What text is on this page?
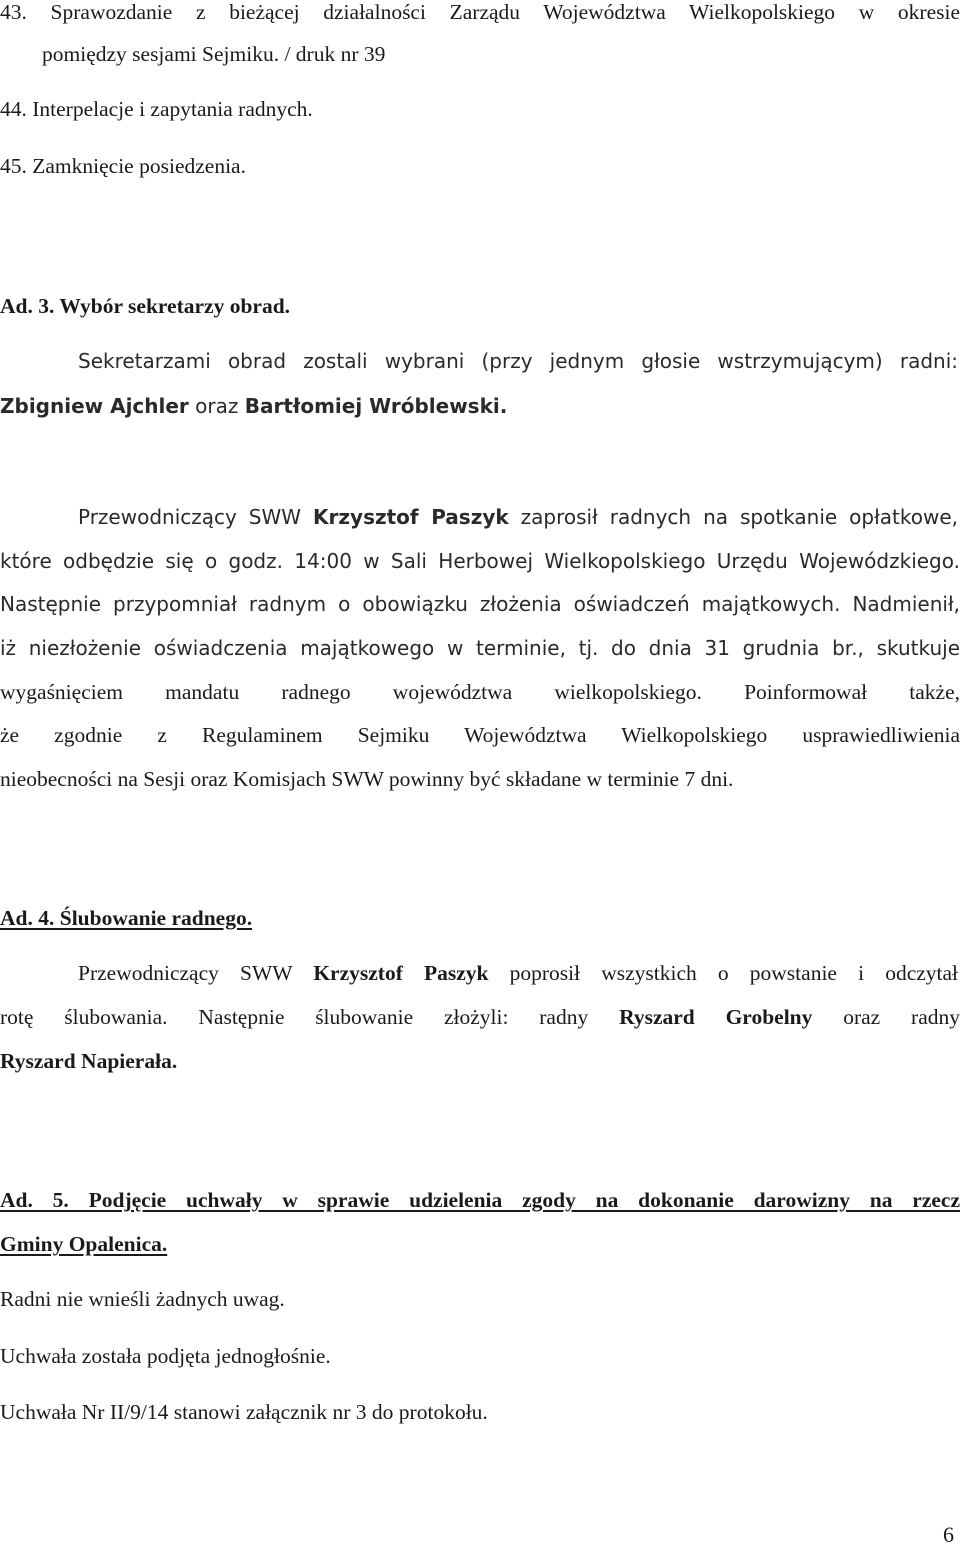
43. Sprawozdanie z bieżącej działalności Zarządu Województwa Wielkopolskiego w okresie
pomiędzy sesjami Sejmiku. / druk nr 39
44. Interpelacje i zapytania radnych.
45. Zamknięcie posiedzenia.
Ad. 3. Wybór sekretarzy obrad.
Sekretarzami obrad zostali wybrani (przy jednym głosie wstrzymującym) radni:
Zbigniew Ajchler oraz Bartłomiej Wróblewski.
Przewodniczący SWW Krzysztof Paszyk zaprosił radnych na spotkanie opłatkowe,
które odbędzie się o godz. 14:00 w Sali Herbowej Wielkopolskiego Urzędu Wojewódzkiego.
Następnie przypomniał radnym o obowiązku złożenia oświadczeń majątkowych. Nadmienił,
iż niezłożenie oświadczenia majątkowego w terminie, tj. do dnia 31 grudnia br., skutkuje
wygaśnięciem mandatu radnego województwa wielkopolskiego. Poinformował także,
że zgodnie z Regulaminem Sejmiku Województwa Wielkopolskiego usprawiedliwienia
nieobecności na Sesji oraz Komisjach SWW powinny być składane w terminie 7 dni.
Ad. 4. Ślubowanie radnego.
Przewodniczący SWW Krzysztof Paszyk poprosił wszystkich o powstanie i odczytał
rotę ślubowania. Następnie ślubowanie złożyli: radny Ryszard Grobelny oraz radny
Ryszard Napierała.
Ad. 5. Podjęcie uchwały w sprawie udzielenia zgody na dokonanie darowizny na rzecz
Gminy Opalenica.
Radni nie wnieśli żadnych uwag.
Uchwała została podjęta jednogłośnie.
Uchwała Nr II/9/14 stanowi załącznik nr 3 do protokołu.
6
